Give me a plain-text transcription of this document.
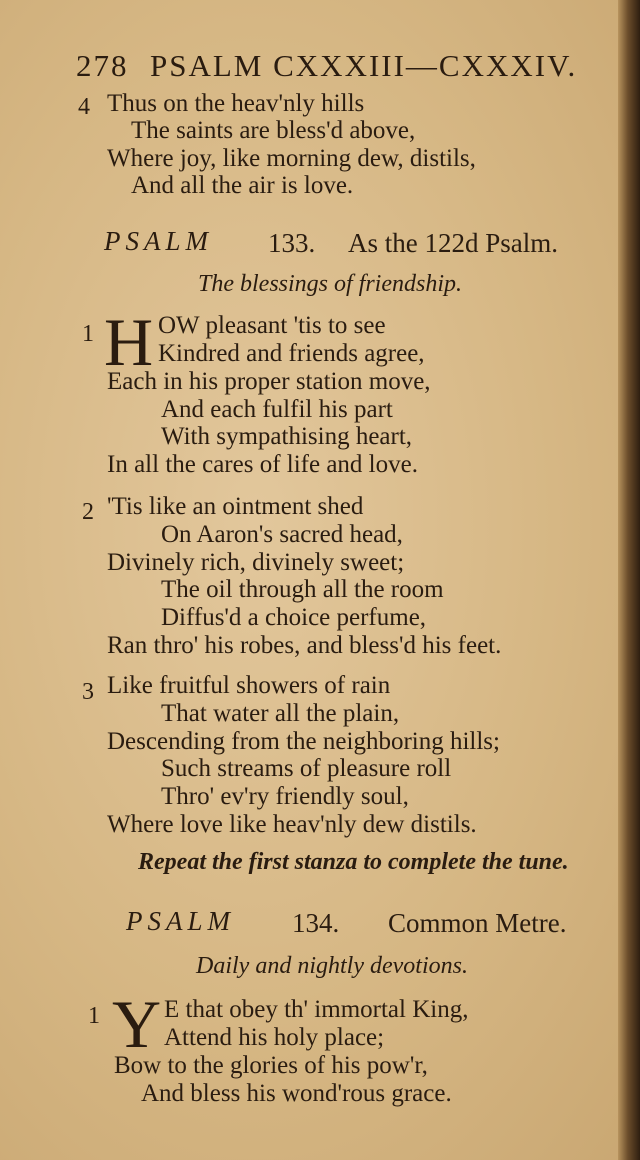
278 PSALM CXXXIII—CXXXIV.
4 Thus on the heav'nly hills
The saints are bless'd above,
Where joy, like morning dew, distils,
And all the air is love.
PSALM 133. As the 122d Psalm.
The blessings of friendship.
1 H OW pleasant 'tis to see
Kindred and friends agree,
Each in his proper station move,
And each fulfil his part
With sympathising heart,
In all the cares of life and love.
2 'Tis like an ointment shed
On Aaron's sacred head,
Divinely rich, divinely sweet;
The oil through all the room
Diffus'd a choice perfume,
Ran thro' his robes, and bless'd his feet.
3 Like fruitful showers of rain
That water all the plain,
Descending from the neighboring hills;
Such streams of pleasure roll
Thro' ev'ry friendly soul,
Where love like heav'nly dew distils.
Repeat the first stanza to complete the tune.
PSALM 134. Common Metre.
Daily and nightly devotions.
1 Y E that obey th' immortal King,
Attend his holy place;
Bow to the glories of his pow'r,
And bless his wond'rous grace.
